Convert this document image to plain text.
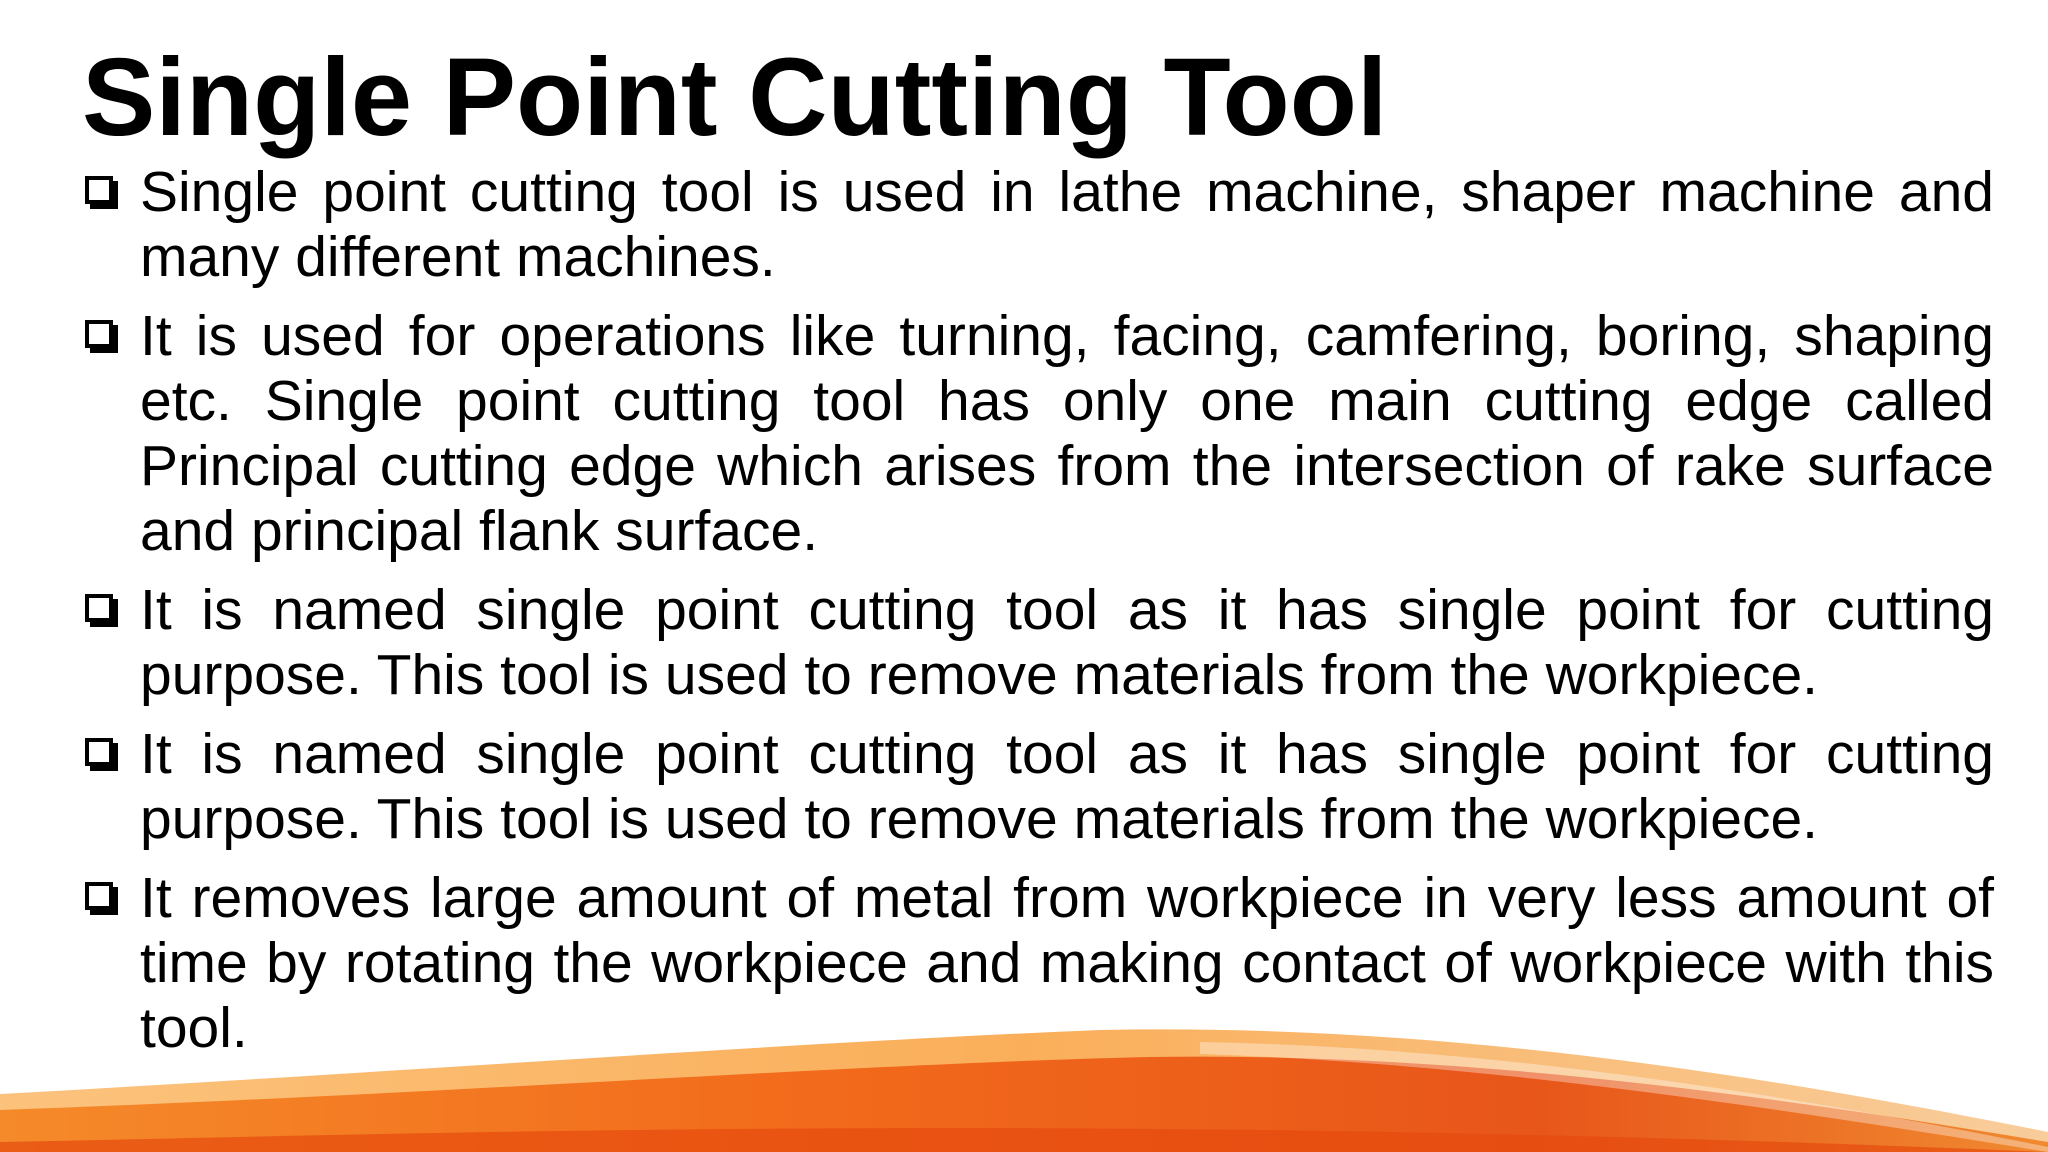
Single Point Cutting Tool
Single point cutting tool is used in lathe machine, shaper machine and many different machines.
It is used for operations like turning, facing, camfering, boring, shaping etc. Single point cutting tool has only one main cutting edge called Principal cutting edge which arises from the intersection of rake surface and principal flank surface.
It is named single point cutting tool as it has single point for cutting purpose. This tool is used to remove materials from the workpiece.
It is named single point cutting tool as it has single point for cutting purpose. This tool is used to remove materials from the workpiece.
It removes large amount of metal from workpiece in very less amount of time by rotating the workpiece and making contact of workpiece with this tool.
